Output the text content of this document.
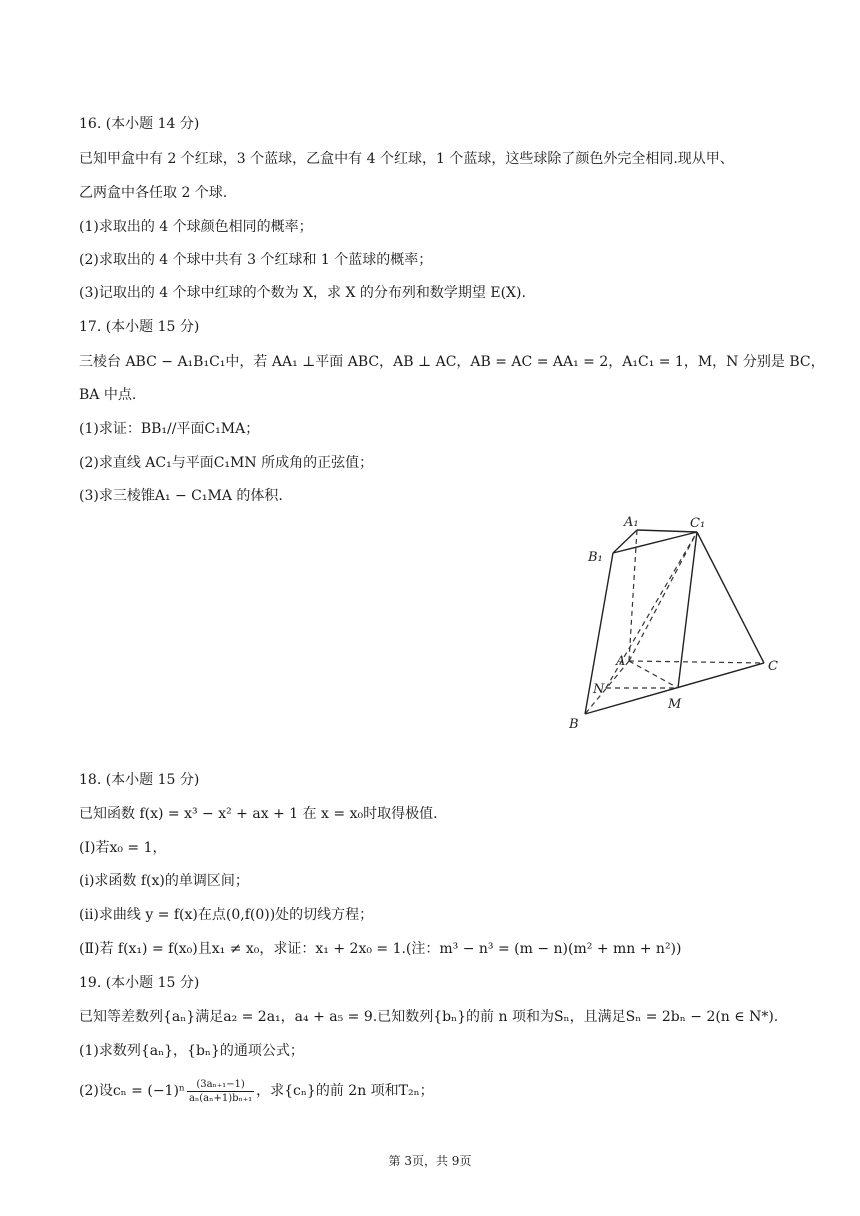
16. (本小题 14 分)
已知甲盒中有 2 个红球，3 个蓝球，乙盒中有 4 个红球，1 个蓝球，这些球除了颜色外完全相同.现从甲、
乙两盒中各任取 2 个球.
(1)求取出的 4 个球颜色相同的概率；
(2)求取出的 4 个球中共有 3 个红球和 1 个蓝球的概率；
(3)记取出的 4 个球中红球的个数为 X，求 X 的分布列和数学期望 E(X).
17. (本小题 15 分)
三棱台 ABC − A₁B₁C₁中，若 AA₁ ⊥平面 ABC，AB ⊥ AC，AB = AC = AA₁ = 2，A₁C₁ = 1，M，N 分别是 BC，
BA 中点.
(1)求证：BB₁//平面C₁MA；
(2)求直线 AC₁与平面C₁MN 所成角的正弦值；
(3)求三棱锥A₁ − C₁MA 的体积.
A₁	C₁
B₁
A	C
N
M
B
18. (本小题 15 分)
已知函数 f(x) = x³ − x² + ax + 1 在 x = x₀时取得极值.
(Ⅰ)若x₀ = 1，
(i)求函数 f(x)的单调区间；
(ii)求曲线 y = f(x)在点(0,f(0))处的切线方程；
(Ⅱ)若 f(x₁) = f(x₀)且x₁ ≠ x₀，求证：x₁ + 2x₀ = 1.(注：m³ − n³ = (m − n)(m² + mn + n²))
19. (本小题 15 分)
已知等差数列{aₙ}满足a₂ = 2a₁，a₄ + a₅ = 9.已知数列{bₙ}的前 n 项和为Sₙ，且满足Sₙ = 2bₙ − 2(n ∈ N*).
(1)求数列{aₙ}，{bₙ}的通项公式；
(2)设$c_n = (-1)^n \frac{\text{(3aₙ₊₁−1)}}{\text{aₙ(aₙ+1)bₙ₊₁}}$ ，求{cₙ}的前 2n 项和T₂ₙ；
第 3页，共 9页
